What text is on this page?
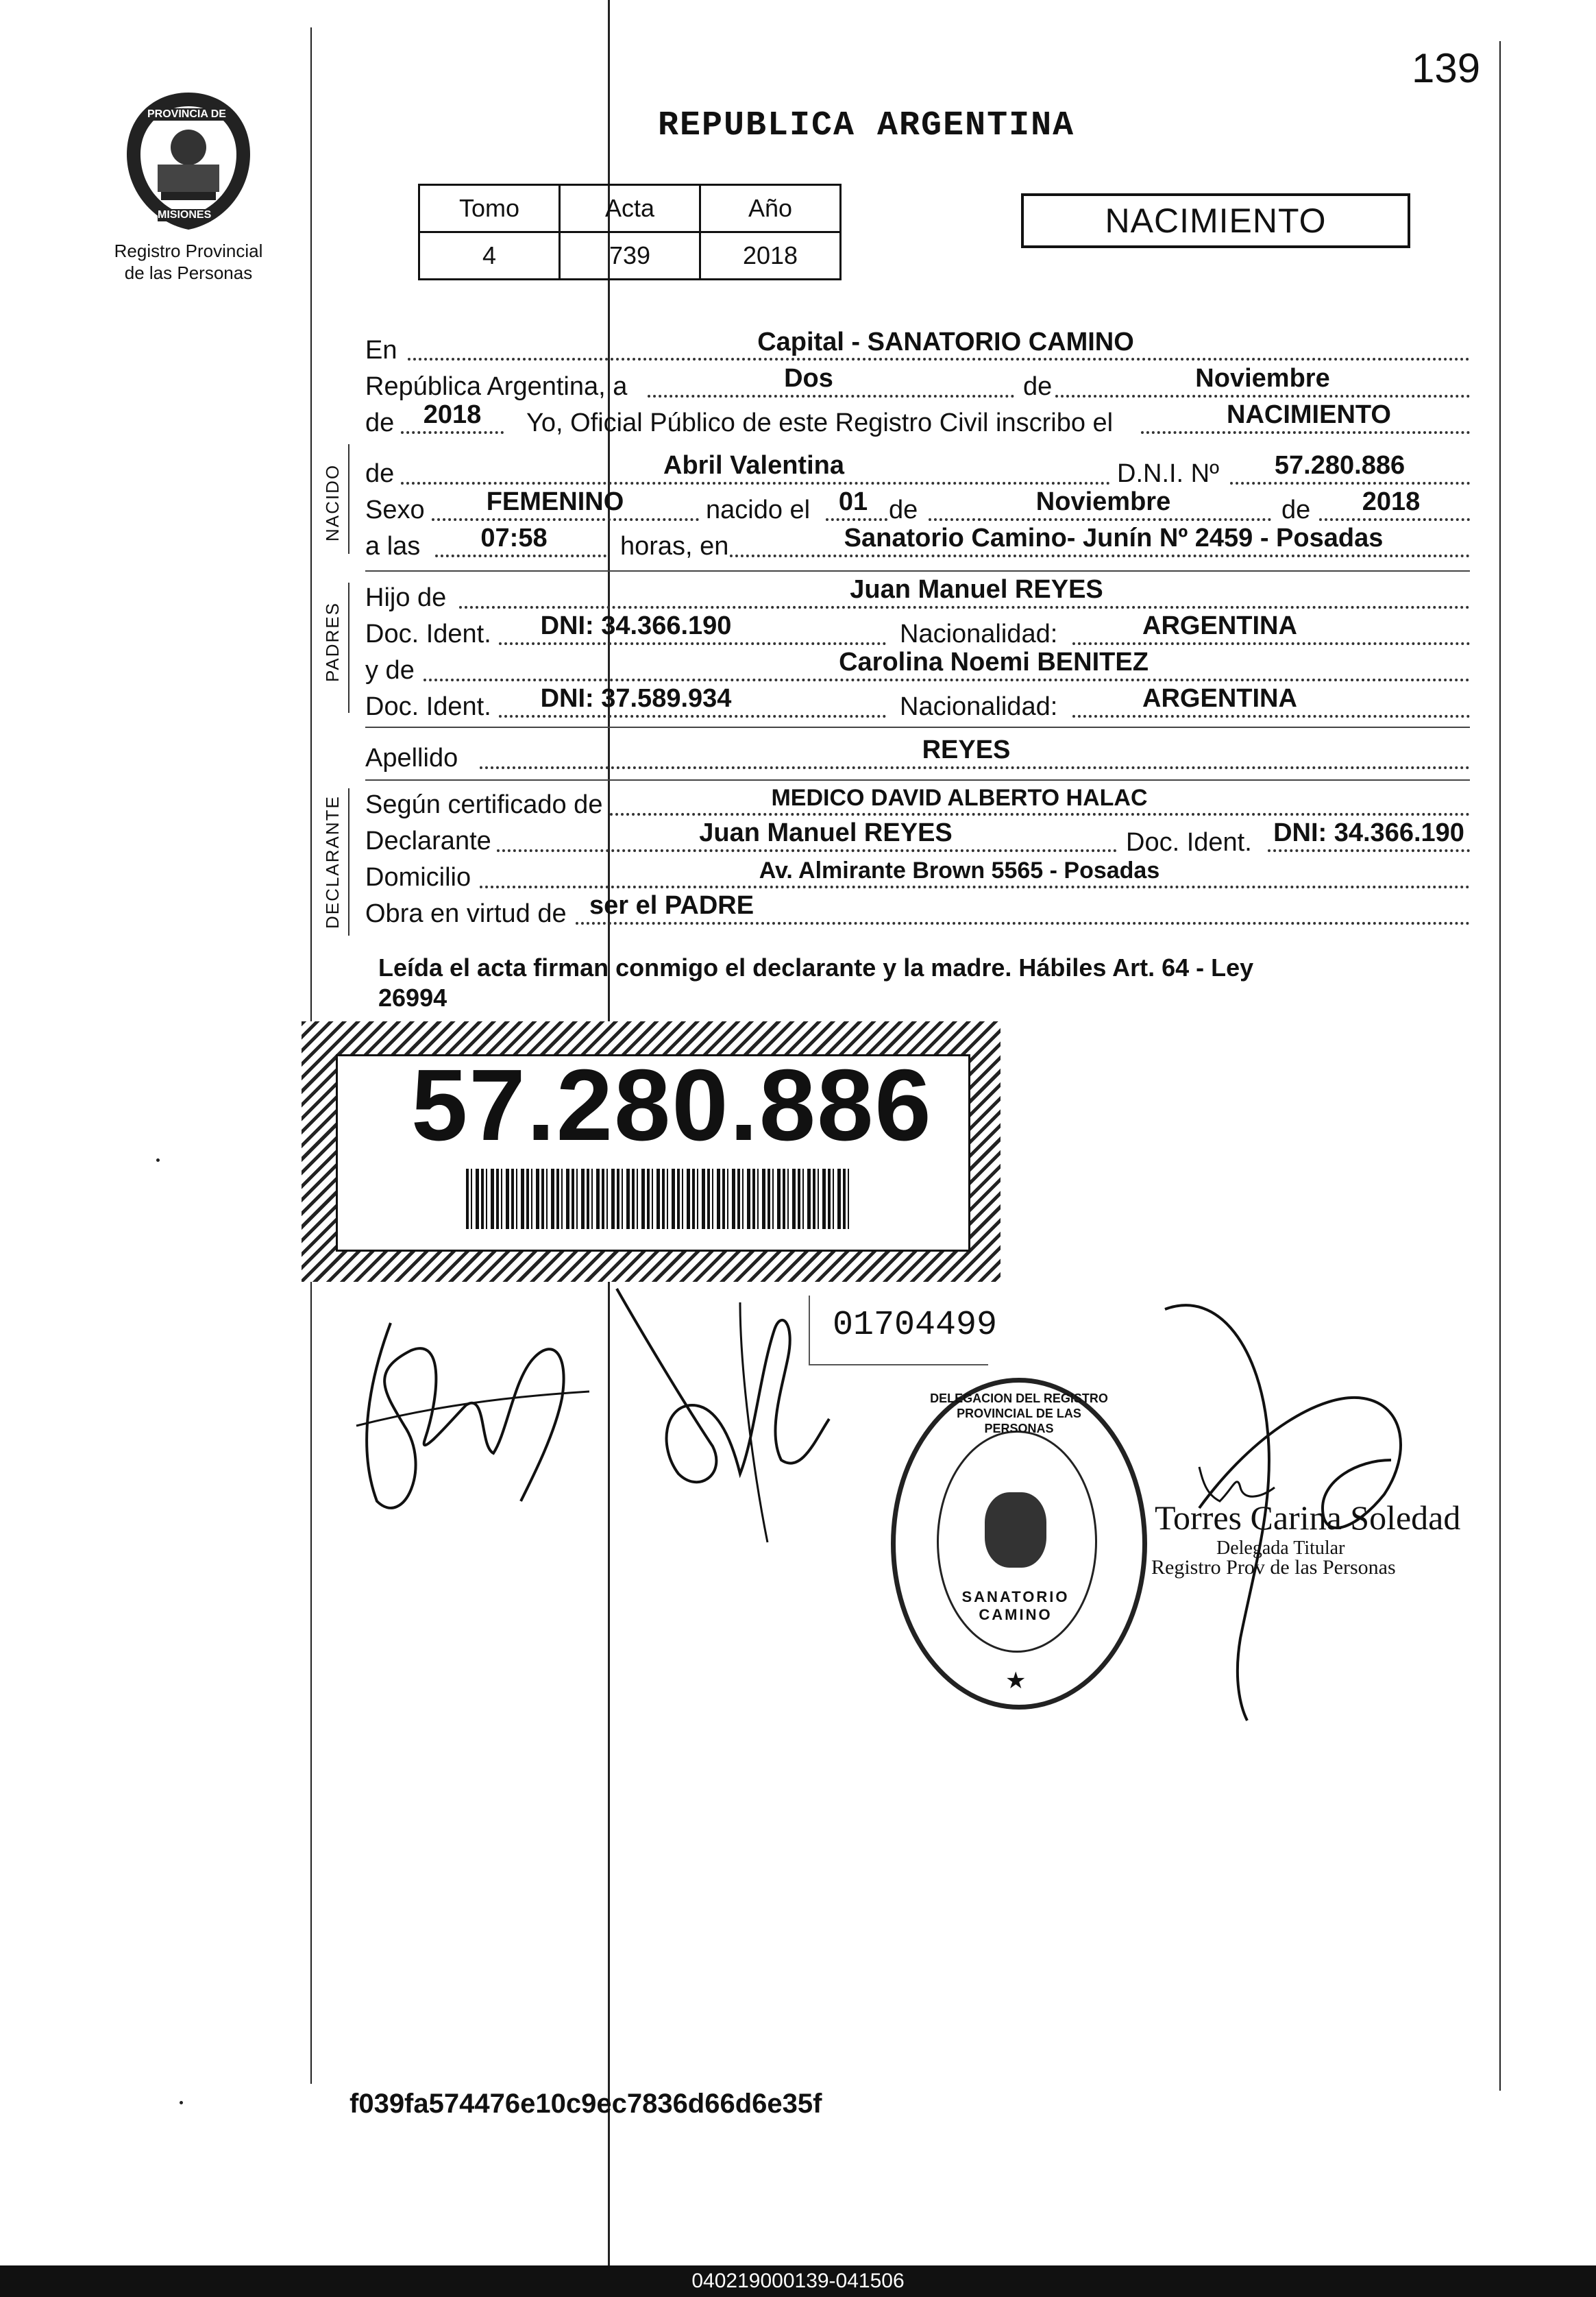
PROVINCIA DE
MISIONES
Registro Provincial
de las Personas
139
REPUBLICA ARGENTINA
Tomo	Acta	Año
4	739	2018
NACIMIENTO
En	Capital - SANATORIO CAMINO
República Argentina, a	Dos	de	Noviembre
de	2018	Yo, Oficial Público de este Registro Civil inscribo el	NACIMIENTO
NACIDO de	Abril Valentina	D.N.I. Nº	57.280.886
Sexo	FEMENINO	nacido el	01 de	Noviembre	de	2018
a las	07:58	horas, en	Sanatorio Camino- Junín Nº 2459 - Posadas
PADRES
Hijo de	Juan Manuel REYES
Doc. Ident.	DNI: 34.366.190	Nacionalidad:	ARGENTINA
y de	Carolina Noemi BENITEZ
Doc. Ident.	DNI: 37.589.934	Nacionalidad:	ARGENTINA
Apellido	REYES
DECLARANTE Según certificado de	MEDICO DAVID ALBERTO HALAC
Declarante	Juan Manuel REYES	Doc. Ident. DNI: 34.366.190
Domicilio	Av. Almirante Brown 5565 - Posadas
Obra en virtud de ser el PADRE
Leída el acta firman conmigo el declarante y la madre. Hábiles Art. 64 - Ley
26994
57.280.886
01704499
DELEGACION DEL REGISTRO PROVINCIAL DE LAS PERSONAS
SANATORIO CAMINO
★
Torres Carina Soledad
Delegada Titular
Registro Prov de las Personas
f039fa574476e10c9ec7836d66d6e35f
040219000139-041506
